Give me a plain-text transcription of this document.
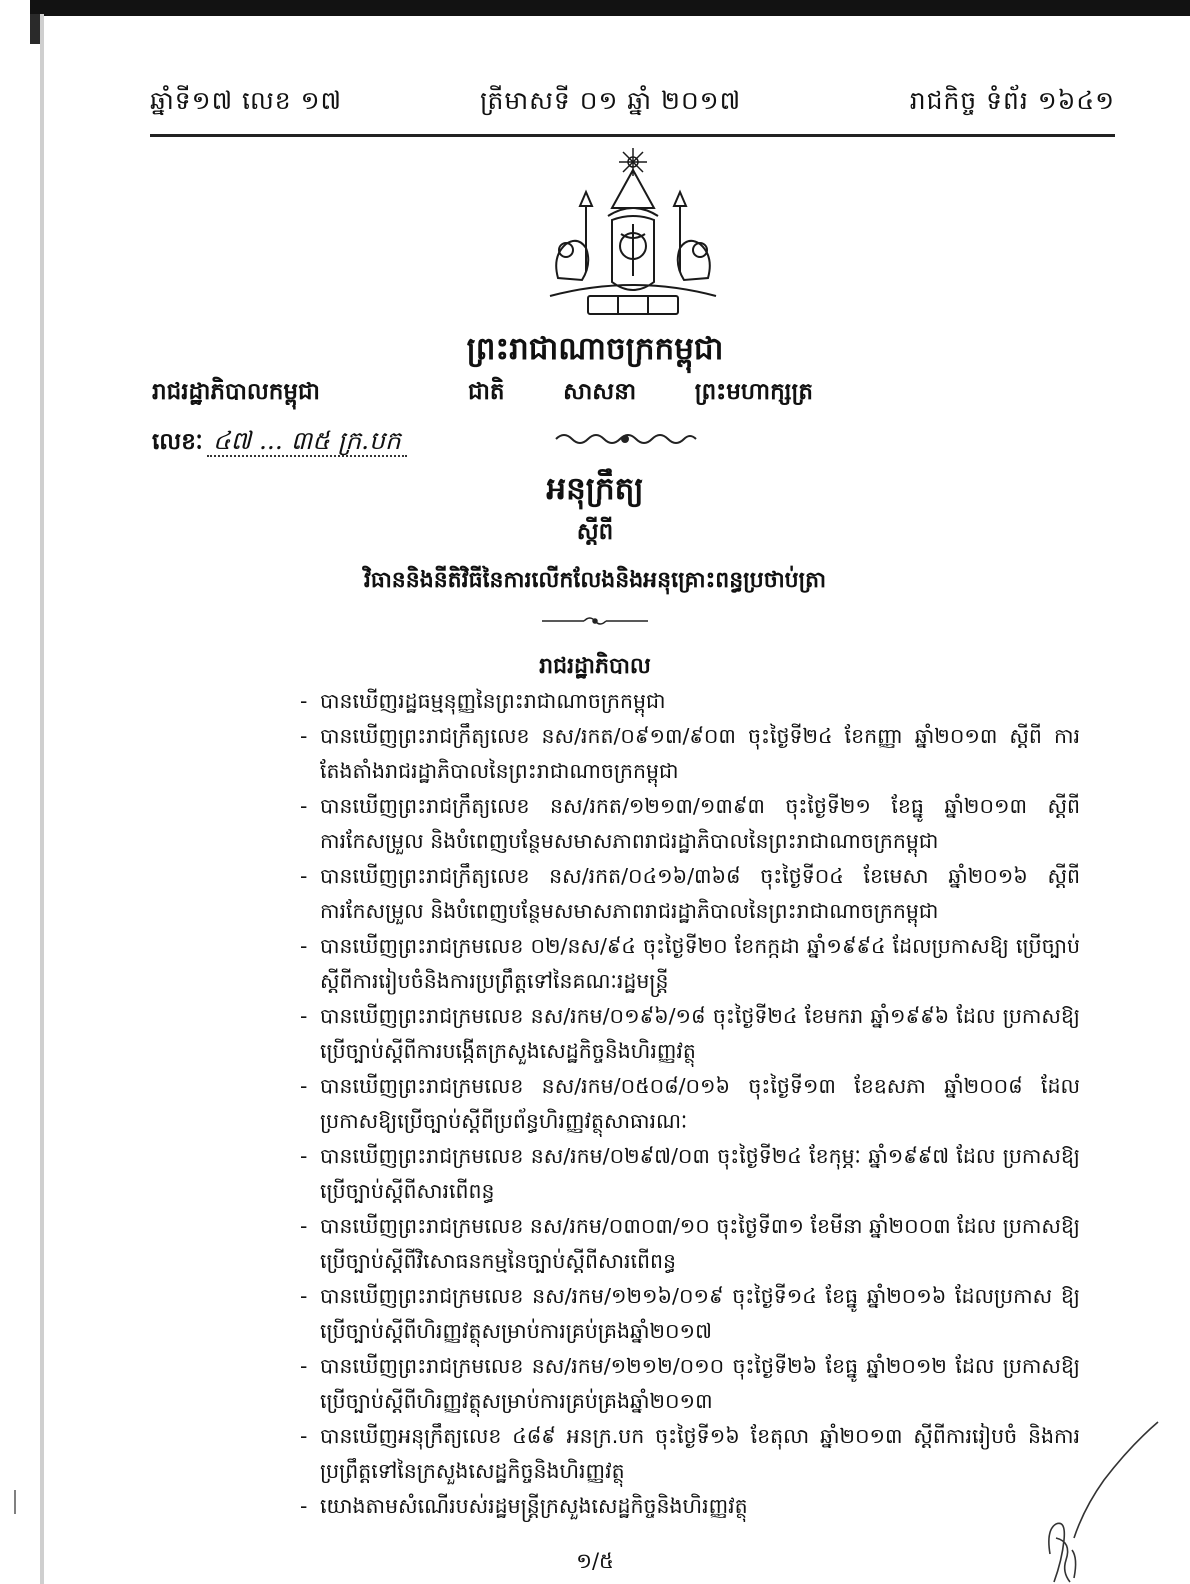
ឆ្នាំទី១៧ លេខ ១៧	ត្រីមាសទី ០១ ឆ្នាំ ២០១៧	រាជកិច្ច ទំព័រ ១៦៤១
ព្រះរាជាណាចក្រកម្ពុជា
រាជរដ្ឋាភិបាលកម្ពុជា	ជាតិ	សាសនា	ព្រះមហាក្សត្រ
លេខៈ ៤៧ ... ៣៥ ក្រ.បក
អនុក្រឹត្យ
ស្តីពី
វិធាននិងនីតិវិធីនៃការលើកលែងនិងអនុគ្រោះពន្ធប្រថាប់ត្រា
រាជរដ្ឋាភិបាល
- បានឃើញរដ្ឋធម្មនុញ្ញនៃព្រះរាជាណាចក្រកម្ពុជា
- បានឃើញព្រះរាជក្រឹត្យលេខ នស/រកត/០៩១៣/៩០៣ ចុះថ្ងៃទី២៤ ខែកញ្ញា ឆ្នាំ២០១៣ ស្តីពី ការតែងតាំងរាជរដ្ឋាភិបាលនៃព្រះរាជាណាចក្រកម្ពុជា
- បានឃើញព្រះរាជក្រឹត្យលេខ នស/រកត/១២១៣/១៣៩៣ ចុះថ្ងៃទី២១ ខែធ្នូ ឆ្នាំ២០១៣ ស្តីពី ការកែសម្រួល និងបំពេញបន្ថែមសមាសភាពរាជរដ្ឋាភិបាលនៃព្រះរាជាណាចក្រកម្ពុជា
- បានឃើញព្រះរាជក្រឹត្យលេខ នស/រកត/០៤១៦/៣៦៨ ចុះថ្ងៃទី០៤ ខែមេសា ឆ្នាំ២០១៦ ស្តីពី ការកែសម្រួល និងបំពេញបន្ថែមសមាសភាពរាជរដ្ឋាភិបាលនៃព្រះរាជាណាចក្រកម្ពុជា
- បានឃើញព្រះរាជក្រមលេខ ០២/នស/៩៤ ចុះថ្ងៃទី២០ ខែកក្កដា ឆ្នាំ១៩៩៤ ដែលប្រកាសឱ្យ ប្រើច្បាប់ស្តីពីការរៀបចំនិងការប្រព្រឹត្តទៅនៃគណៈរដ្ឋមន្ត្រី
- បានឃើញព្រះរាជក្រមលេខ នស/រកម/០១៩៦/១៨ ចុះថ្ងៃទី២៤ ខែមករា ឆ្នាំ១៩៩៦ ដែល ប្រកាសឱ្យប្រើច្បាប់ស្តីពីការបង្កើតក្រសួងសេដ្ឋកិច្ចនិងហិរញ្ញវត្ថុ
- បានឃើញព្រះរាជក្រមលេខ នស/រកម/០៥០៨/០១៦ ចុះថ្ងៃទី១៣ ខែឧសភា ឆ្នាំ២០០៨ ដែល ប្រកាសឱ្យប្រើច្បាប់ស្តីពីប្រព័ន្ធហិរញ្ញវត្ថុសាធារណៈ
- បានឃើញព្រះរាជក្រមលេខ នស/រកម/០២៩៧/០៣ ចុះថ្ងៃទី២៤ ខែកុម្ភៈ ឆ្នាំ១៩៩៧ ដែល ប្រកាសឱ្យប្រើច្បាប់ស្តីពីសារពើពន្ធ
- បានឃើញព្រះរាជក្រមលេខ នស/រកម/០៣០៣/១០ ចុះថ្ងៃទី៣១ ខែមីនា ឆ្នាំ២០០៣ ដែល ប្រកាសឱ្យប្រើច្បាប់ស្តីពីវិសោធនកម្មនៃច្បាប់ស្តីពីសារពើពន្ធ
- បានឃើញព្រះរាជក្រមលេខ នស/រកម/១២១៦/០១៩ ចុះថ្ងៃទី១៤ ខែធ្នូ ឆ្នាំ២០១៦ ដែលប្រកាស ឱ្យប្រើច្បាប់ស្តីពីហិរញ្ញវត្ថុសម្រាប់ការគ្រប់គ្រងឆ្នាំ២០១៧
- បានឃើញព្រះរាជក្រមលេខ នស/រកម/១២១២/០១០ ចុះថ្ងៃទី២៦ ខែធ្នូ ឆ្នាំ២០១២ ដែល ប្រកាសឱ្យប្រើច្បាប់ស្តីពីហិរញ្ញវត្ថុសម្រាប់ការគ្រប់គ្រងឆ្នាំ២០១៣
- បានឃើញអនុក្រឹត្យលេខ ៤៨៩ អនក្រ.បក ចុះថ្ងៃទី១៦ ខែតុលា ឆ្នាំ២០១៣ ស្តីពីការរៀបចំ និងការប្រព្រឹត្តទៅនៃក្រសួងសេដ្ឋកិច្ចនិងហិរញ្ញវត្ថុ
- យោងតាមសំណើរបស់រដ្ឋមន្ត្រីក្រសួងសេដ្ឋកិច្ចនិងហិរញ្ញវត្ថុ
១/៥
